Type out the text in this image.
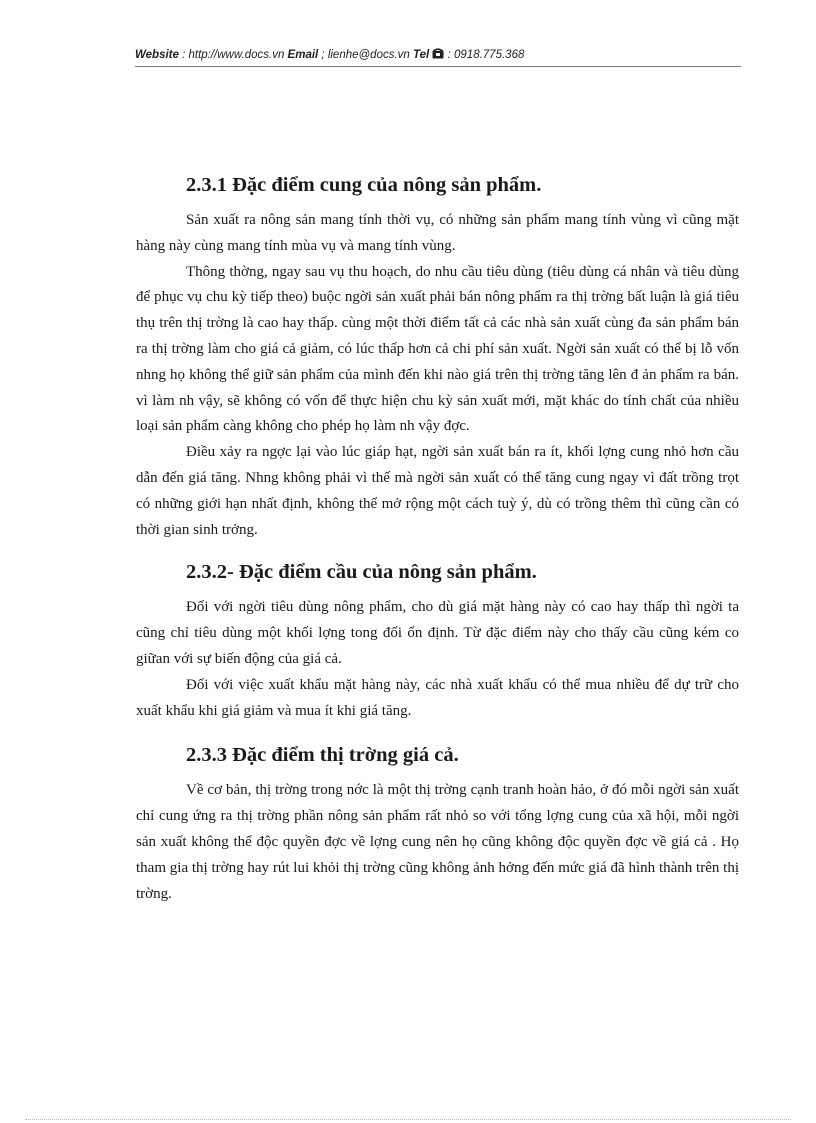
Website : http://www.docs.vn Email ; lienhe@docs.vn Tel  : 0918.775.368
2.3.1 Đặc điểm cung của nông sản phẩm.

Sản xuất ra nông sản mang tính thời vụ, có những sản phẩm mang tính vùng vì cũng mặt hàng này cùng mang tính mùa vụ và mang tính vùng.

Thông thờng, ngay sau vụ thu hoạch, do nhu cầu tiêu dùng (tiêu dùng cá nhân và tiêu dùng để phục vụ chu kỳ tiếp theo) buộc ngời sản xuất phải bán nông phẩm ra thị trờng bất luận là giá tiêu thụ trên thị trờng là cao hay thấp. cùng một thời điểm tất cả các nhà sản xuất cùng đa sản phẩm bán ra thị trờng làm cho giá cả giảm, có lúc thấp hơn cả chi phí sản xuất. Ngời sản xuất có thể bị lỗ vốn nhng họ không thể giữ sản phẩm của mình đến khi nào giá trên thị trờng tăng lên đ ản phẩm ra bán. vì làm nh vậy, sẽ không có vốn để thực hiện chu kỳ sản xuất mới, mặt khác do tính chất của nhiều loại sản phẩm càng không cho phép họ làm nh vậy đợc.

Điều xảy ra ngợc lại vào lúc giáp hạt, ngời sản xuất bán ra ít, khối lợng cung nhỏ hơn cầu dẫn đến giá tăng. Nhng không phải vì thế mà ngời sản xuất có thể tăng cung ngay vì đất trồng trọt có những giới hạn nhất định, không thể mở rộng một cách tuỳ ý, dù có trồng thêm thì cũng cần có thời gian sinh trởng.

2.3.2- Đặc điểm cầu của nông sản phẩm.

Đối với ngời tiêu dùng nông phẩm, cho dù giá mặt hàng này có cao hay thấp thì ngời ta cũng chỉ tiêu dùng một khối lợng tong đối ổn định. Từ đặc điểm này cho thấy cầu cũng kém co giữan với sự biến động của giá cả.

Đối với việc xuất khẩu mặt hàng này, các nhà xuất khẩu có thể mua nhiều để dự trữ cho xuất khẩu khi giá giảm và mua ít khi giá tăng.

2.3.3 Đặc điểm thị trờng giá cả.

Về cơ bản, thị trờng trong nớc là một thị trờng cạnh tranh hoàn hảo, ở đó mỗi ngời sản xuất chỉ cung ứng ra thị trờng phần nông sản phẩm rất nhỏ so với tổng lợng cung của xã hội, mỗi ngời sản xuất không thể độc quyền đợc về lợng cung nên họ cũng không độc quyền đợc về giá cả . Họ tham gia thị trờng hay rút lui khỏi thị trờng cũng không ảnh hởng đến mức giá đã hình thành trên thị trờng.
